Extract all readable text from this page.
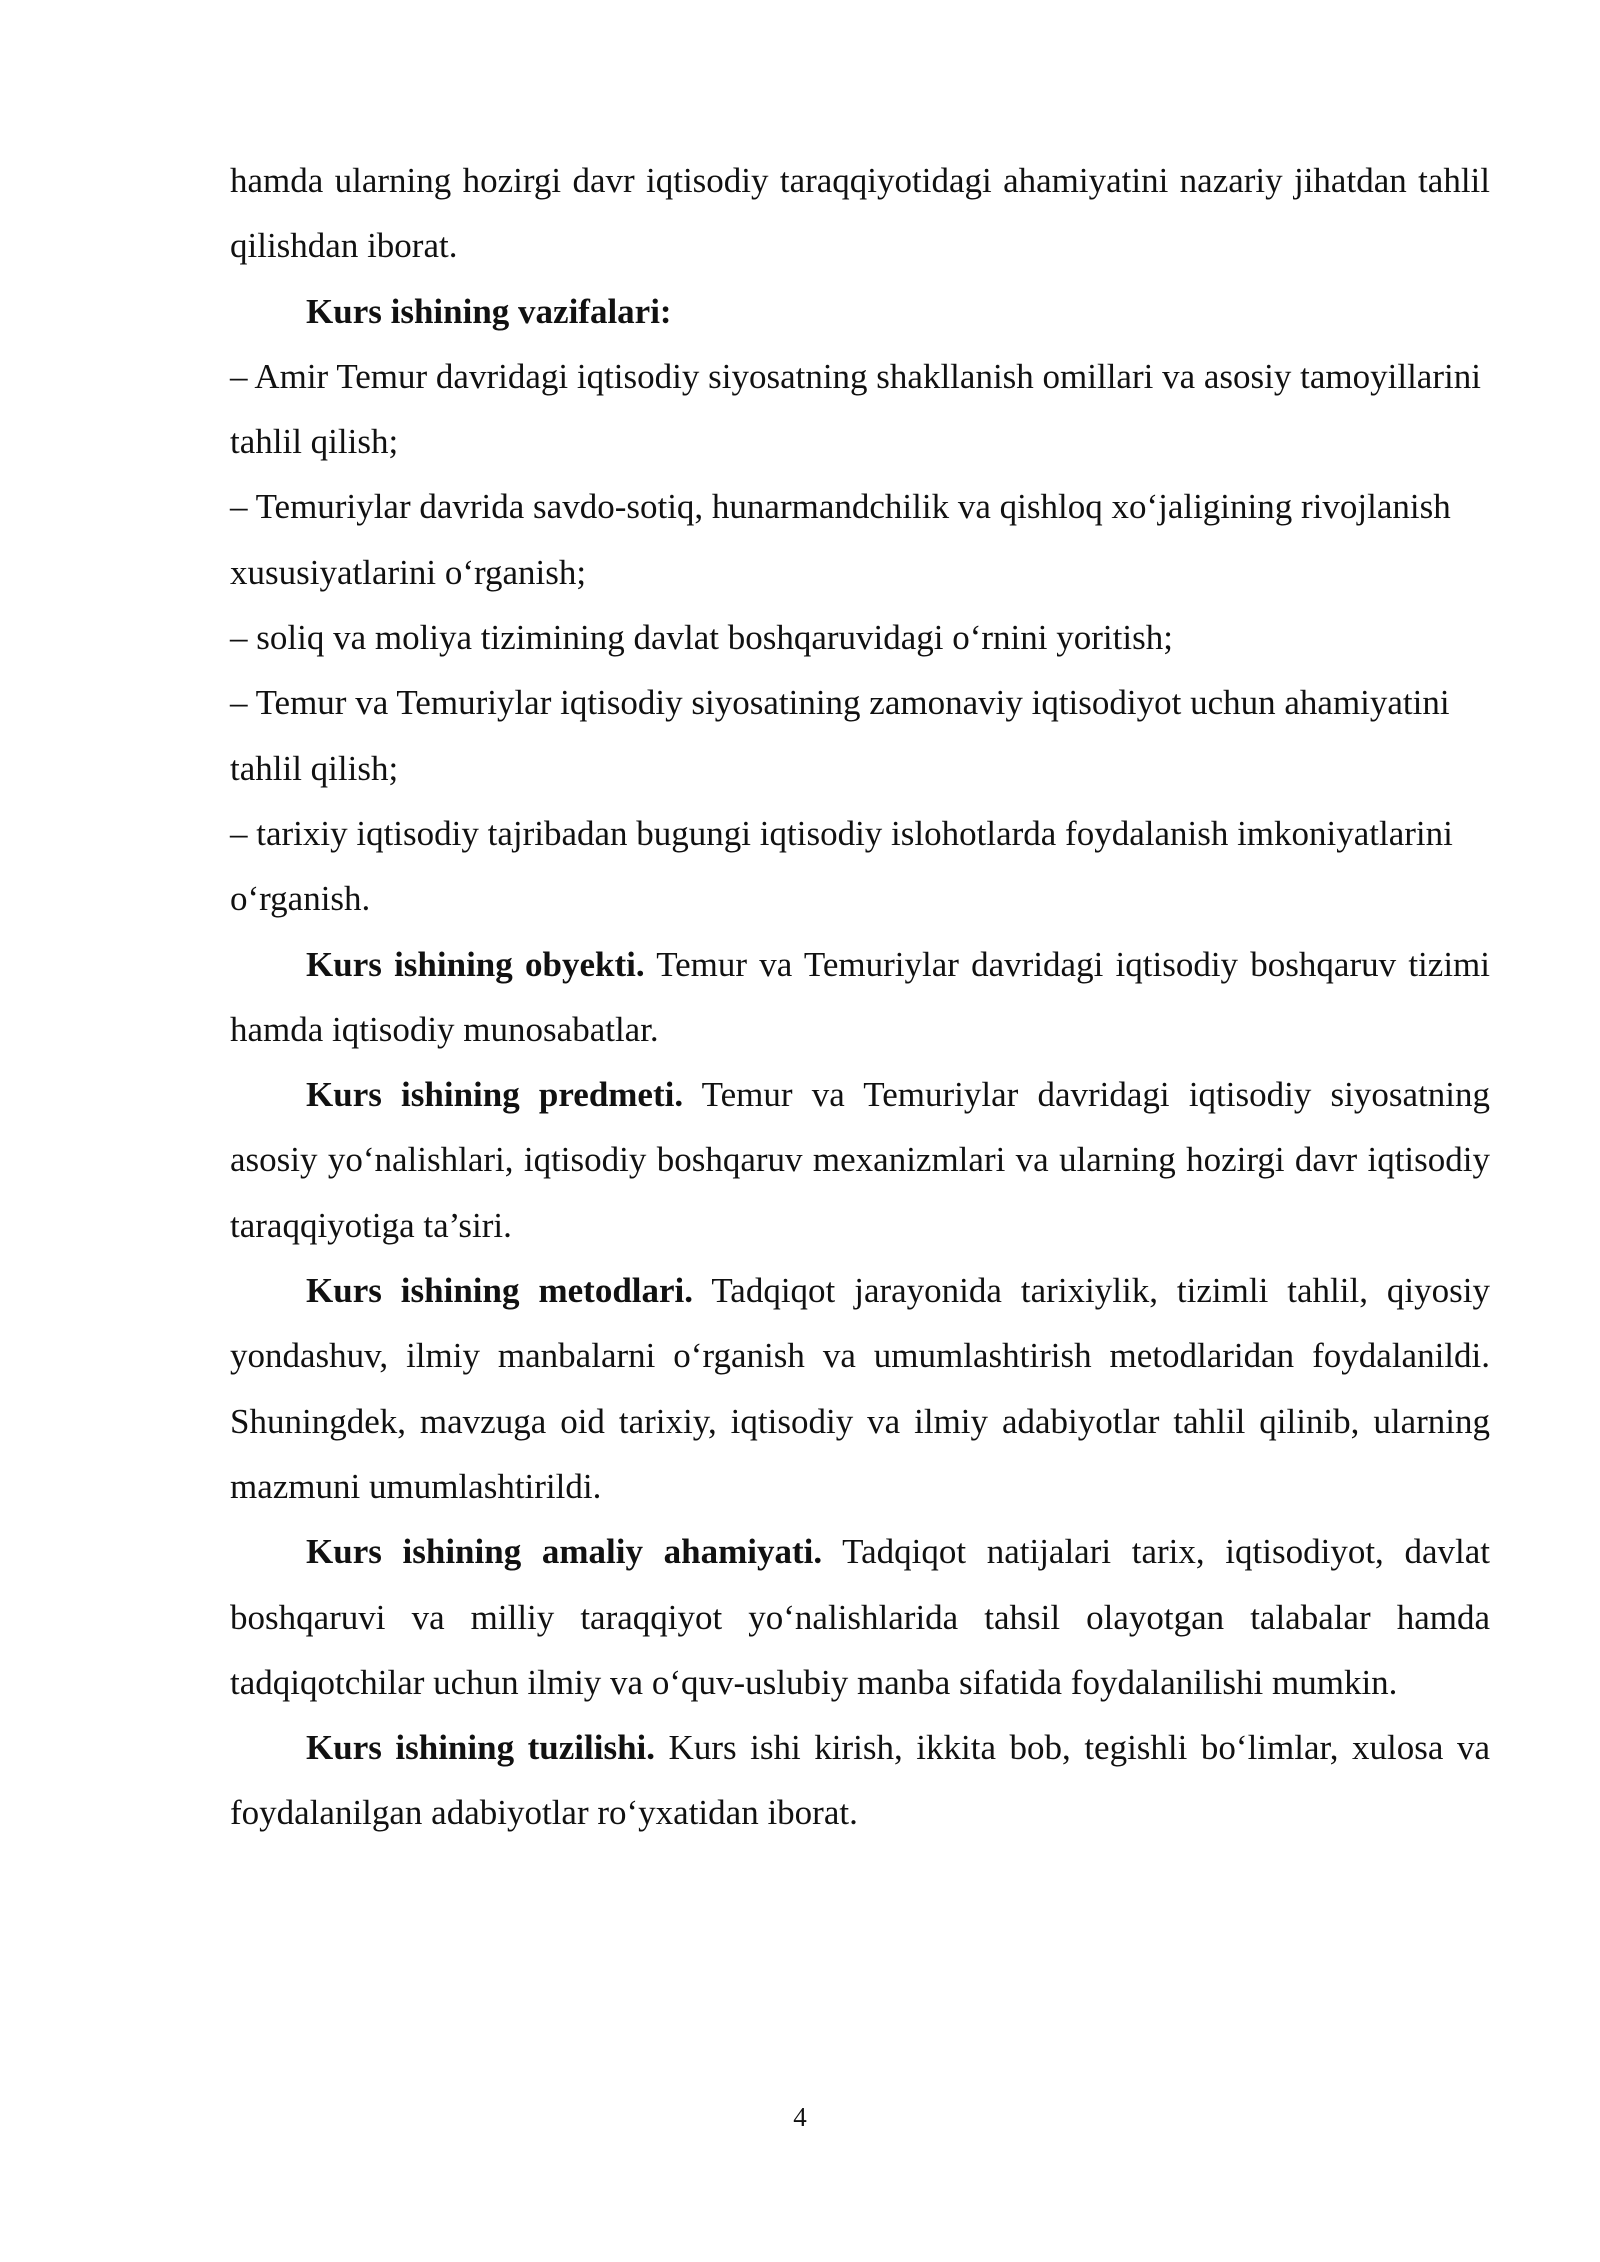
hamda ularning hozirgi davr iqtisodiy taraqqiyotidagi ahamiyatini nazariy jihatdan tahlil qilishdan iborat.

Kurs ishining vazifalari:

– Amir Temur davridagi iqtisodiy siyosatning shakllanish omillari va asosiy tamoyillarini tahlil qilish;

– Temuriylar davrida savdo-sotiq, hunarmandchilik va qishloq xo‘jaligining rivojlanish xususiyatlarini o‘rganish;

– soliq va moliya tizimining davlat boshqaruvidagi o‘rnini yoritish;

– Temur va Temuriylar iqtisodiy siyosatining zamonaviy iqtisodiyot uchun ahamiyatini tahlil qilish;

– tarixiy iqtisodiy tajribadan bugungi iqtisodiy islohotlarda foydalanish imkoniyatlarini o‘rganish.

Kurs ishining obyekti. Temur va Temuriylar davridagi iqtisodiy boshqaruv tizimi hamda iqtisodiy munosabatlar.

Kurs ishining predmeti. Temur va Temuriylar davridagi iqtisodiy siyosatning asosiy yo‘nalishlari, iqtisodiy boshqaruv mexanizmlari va ularning hozirgi davr iqtisodiy taraqqiyotiga ta’siri.

Kurs ishining metodlari. Tadqiqot jarayonida tarixiylik, tizimli tahlil, qiyosiy yondashuv, ilmiy manbalarni o‘rganish va umumlashtirish metodlaridan foydalanildi. Shuningdek, mavzuga oid tarixiy, iqtisodiy va ilmiy adabiyotlar tahlil qilinib, ularning mazmuni umumlashtirildi.

Kurs ishining amaliy ahamiyati. Tadqiqot natijalari tarix, iqtisodiyot, davlat boshqaruvi va milliy taraqqiyot yo‘nalishlarida tahsil olayotgan talabalar hamda tadqiqotchilar uchun ilmiy va o‘quv-uslubiy manba sifatida foydalanilishi mumkin.

Kurs ishining tuzilishi. Kurs ishi kirish, ikkita bob, tegishli bo‘limlar, xulosa va foydalanilgan adabiyotlar ro‘yxatidan iborat.

4
